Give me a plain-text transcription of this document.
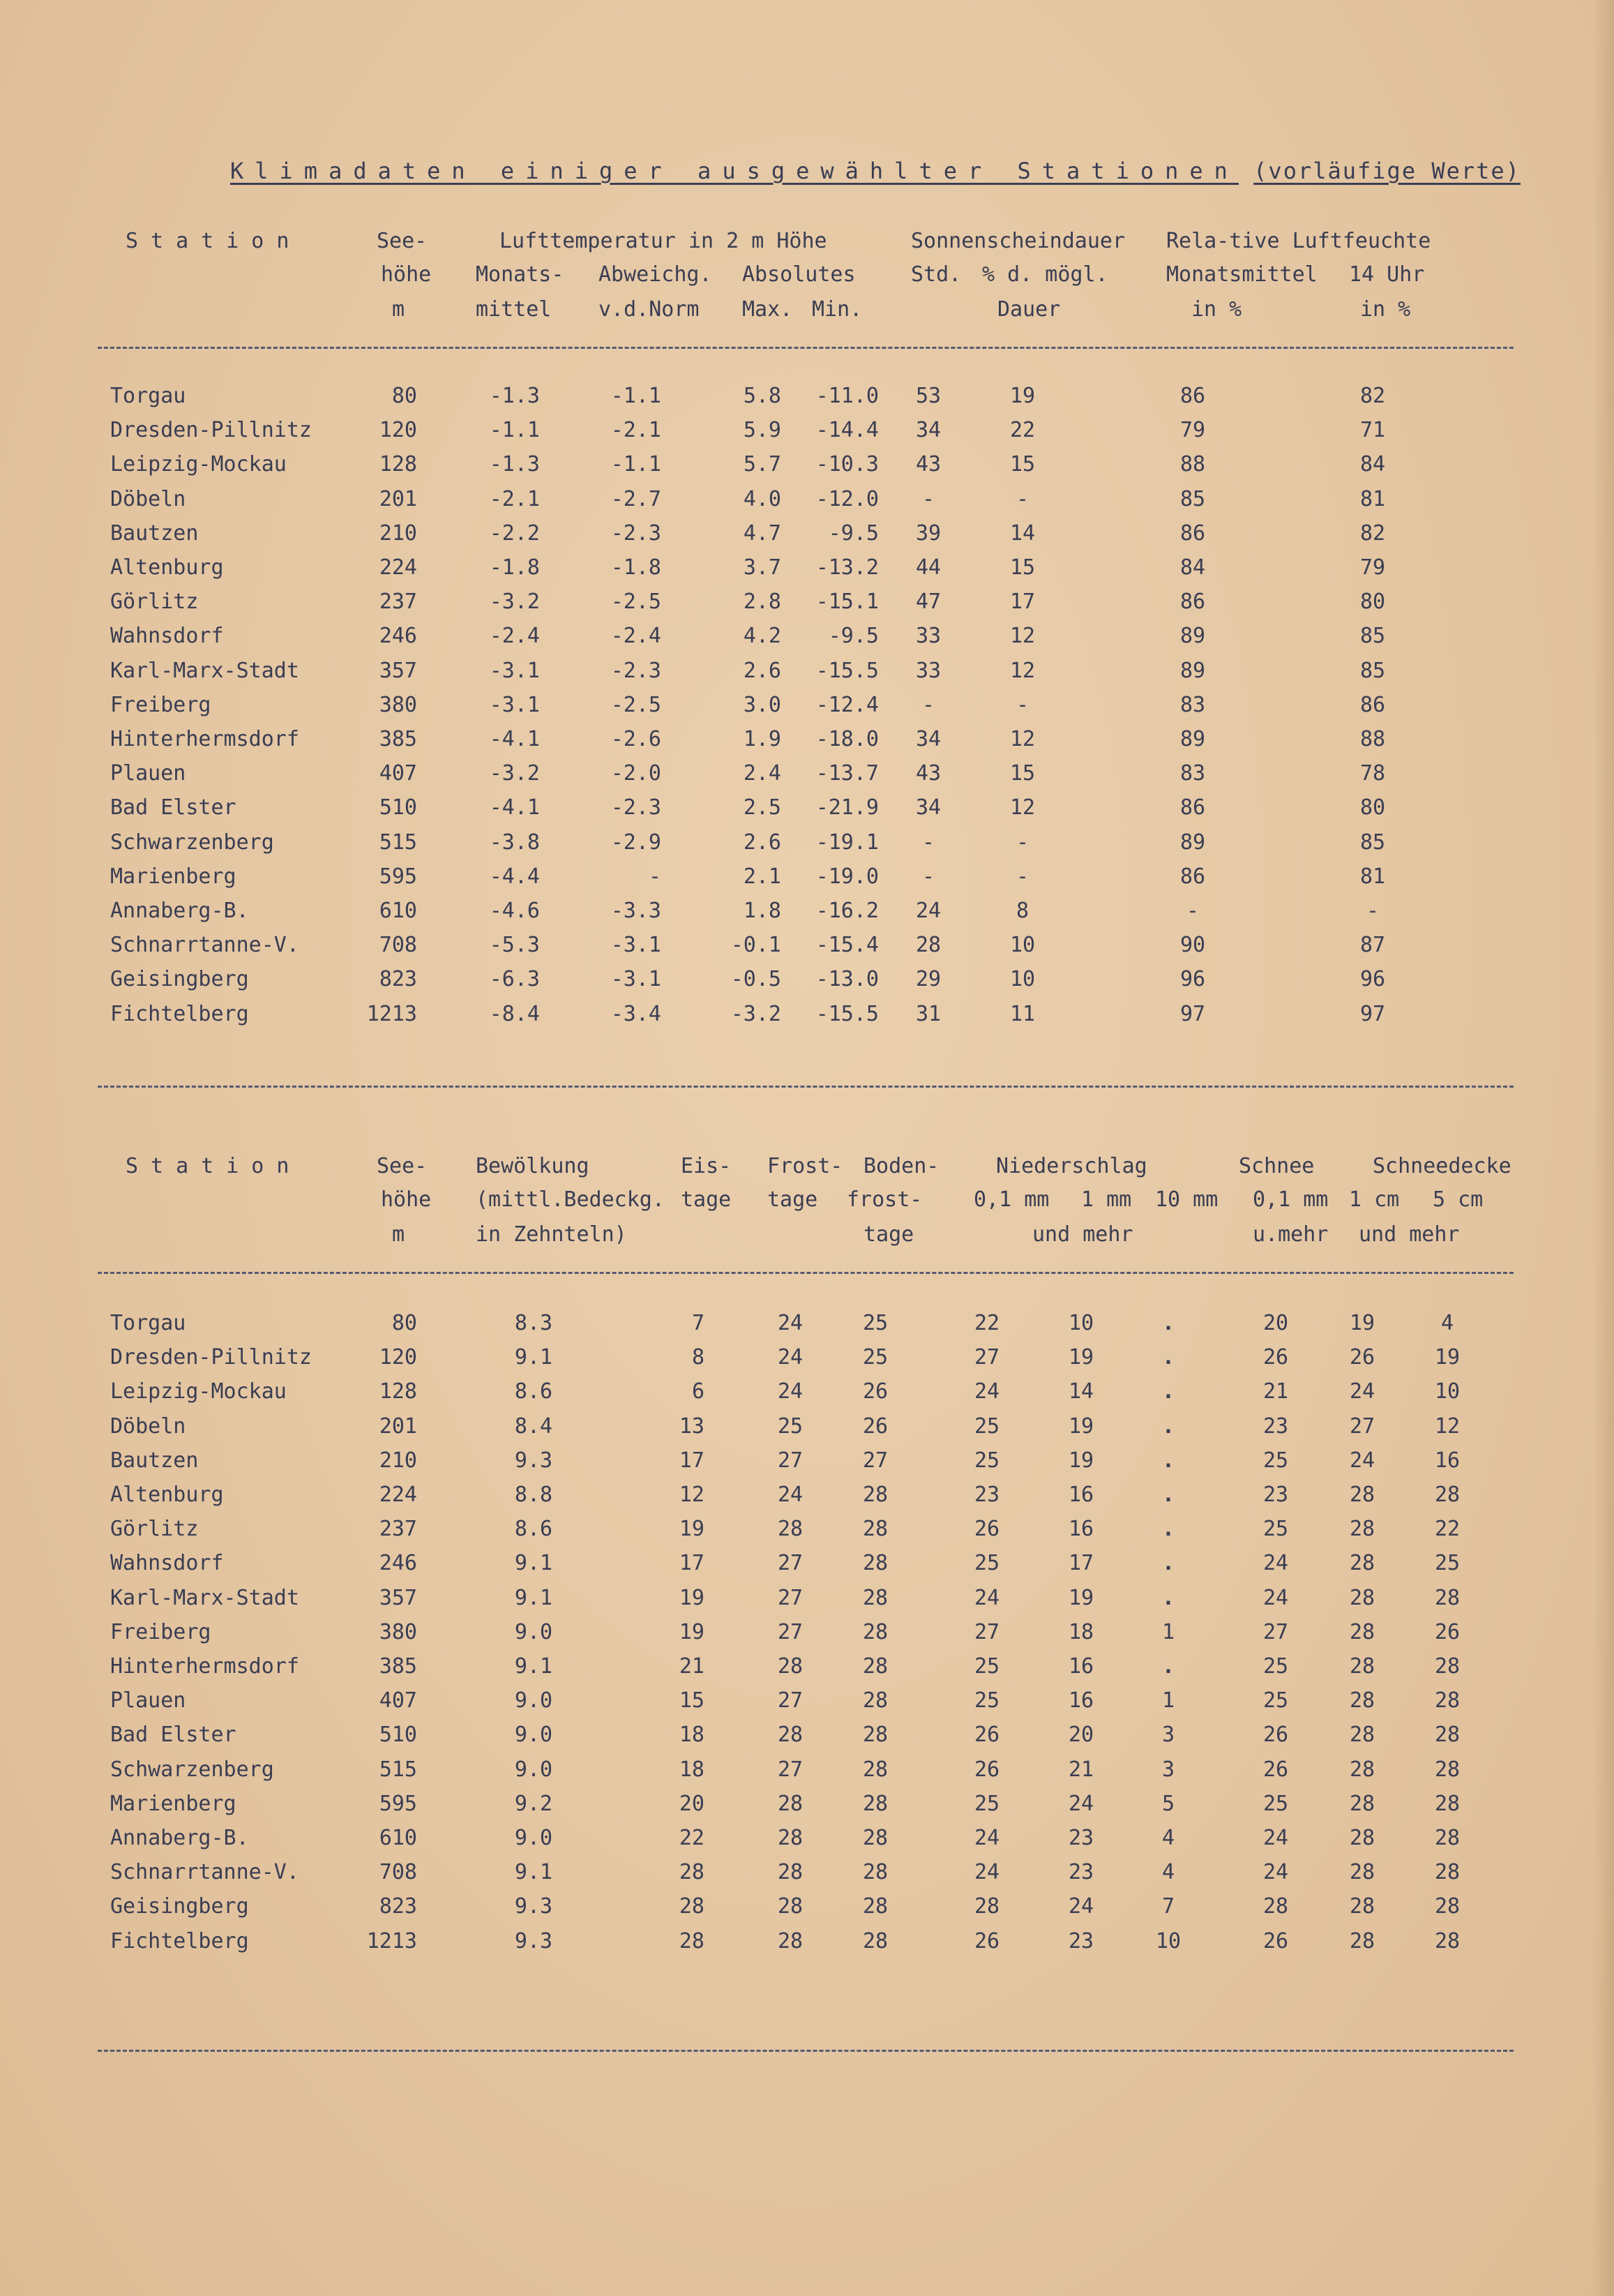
Klimadaten einiger ausgewählter Stationen (vorläufige Werte)
Station	See-
höhe
m
Lufttemperatur in 2 m Höhe
Monats-
mittel
Abweichg.
v.d.Norm
Absolutes
Max. Min.
Sonnenscheindauer
Std. % d. mögl.
Dauer
Rela-tive Luftfeuchte
Monatsmittel
in %
14 Uhr
in %
Torgau	80	-1.3	-1.1	5.8	-11.0	53	19	86	82
Dresden-Pillnitz	120	-1.1	-2.1	5.9	-14.4	34	22	79	71
Leipzig-Mockau	128	-1.3	-1.1	5.7	-10.3	43	15	88	84
Döbeln	201	-2.1	-2.7	4.0	-12.0	-	-	85	81
Bautzen	210	-2.2	-2.3	4.7	-9.5	39	14	86	82
Altenburg	224	-1.8	-1.8	3.7	-13.2	44	15	84	79
Görlitz	237	-3.2	-2.5	2.8	-15.1	47	17	86	80
Wahnsdorf	246	-2.4	-2.4	4.2	-9.5	33	12	89	85
Karl-Marx-Stadt	357	-3.1	-2.3	2.6	-15.5	33	12	89	85
Freiberg	380	-3.1	-2.5	3.0	-12.4	-	-	83	86
Hinterhermsdorf	385	-4.1	-2.6	1.9	-18.0	34	12	89	88
Plauen	407	-3.2	-2.0	2.4	-13.7	43	15	83	78
Bad Elster	510	-4.1	-2.3	2.5	-21.9	34	12	86	80
Schwarzenberg	515	-3.8	-2.9	2.6	-19.1	-	-	89	85
Marienberg	595	-4.4	-	2.1	-19.0	-	-	86	81
Annaberg-B.	610	-4.6	-3.3	1.8	-16.2	24	8	-	-
Schnarrtanne-V.	708	-5.3	-3.1	-0.1	-15.4	28	10	90	87
Geisingberg	823	-6.3	-3.1	-0.5	-13.0	29	10	96	96
Fichtelberg	1213	-8.4	-3.4	-3.2	-15.5	31	11	97	97
Station	See-
höhe
m
Bewölkung
(mittl.Bedeckg.
in Zehnteln)
Eis-
tage
Frost-
tage
Boden-
frost-
tage
Niederschlag
0,1 mm 1 mm 10 mm
und mehr
Schnee
0,1 mm
u.mehr
Schneedecke
1 cm 5 cm
und mehr
Torgau	80	8.3	7	24	25	22	10	.	20	19	4
Dresden-Pillnitz	120	9.1	8	24	25	27	19	.	26	26	19
Leipzig-Mockau	128	8.6	6	24	26	24	14	.	21	24	10
Döbeln	201	8.4	13	25	26	25	19	.	23	27	12
Bautzen	210	9.3	17	27	27	25	19	.	25	24	16
Altenburg	224	8.8	12	24	28	23	16	.	23	28	28
Görlitz	237	8.6	19	28	28	26	16	.	25	28	22
Wahnsdorf	246	9.1	17	27	28	25	17	.	24	28	25
Karl-Marx-Stadt	357	9.1	19	27	28	24	19	.	24	28	28
Freiberg	380	9.0	19	27	28	27	18	1	27	28	26
Hinterhermsdorf	385	9.1	21	28	28	25	16	.	25	28	28
Plauen	407	9.0	15	27	28	25	16	1	25	28	28
Bad Elster	510	9.0	18	28	28	26	20	3	26	28	28
Schwarzenberg	515	9.0	18	27	28	26	21	3	26	28	28
Marienberg	595	9.2	20	28	28	25	24	5	25	28	28
Annaberg-B.	610	9.0	22	28	28	24	23	4	24	28	28
Schnarrtanne-V.	708	9.1	28	28	28	24	23	4	24	28	28
Geisingberg	823	9.3	28	28	28	28	24	7	28	28	28
Fichtelberg	1213	9.3	28	28	28	26	23	10	26	28	28
